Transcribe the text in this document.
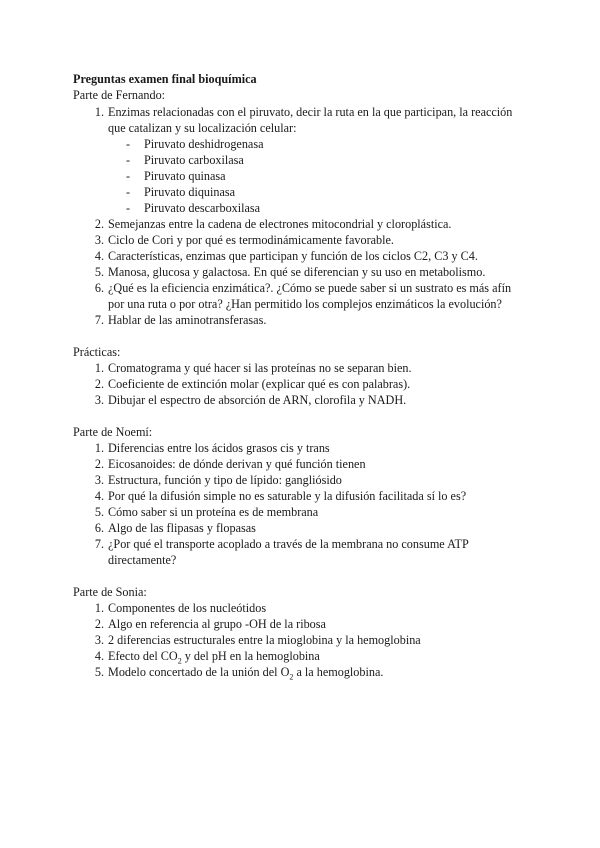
Preguntas examen final bioquímica
Parte de Fernando:
1. Enzimas relacionadas con el piruvato, decir la ruta en la que participan, la reacción que catalizan y su localización celular:
- Piruvato deshidrogenasa
- Piruvato carboxilasa
- Piruvato quinasa
- Piruvato diquinasa
- Piruvato descarboxilasa
2. Semejanzas entre la cadena de electrones mitocondrial y cloroplástica.
3. Ciclo de Cori y por qué es termodinámicamente favorable.
4. Características, enzimas que participan y función de los ciclos C2, C3 y C4.
5. Manosa, glucosa y galactosa. En qué se diferencian y su uso en metabolismo.
6. ¿Qué es la eficiencia enzimática?. ¿Cómo se puede saber si un sustrato es más afín por una ruta o por otra? ¿Han permitido los complejos enzimáticos la evolución?
7. Hablar de las aminotransferasas.
Prácticas:
1. Cromatograma y qué hacer si las proteínas no se separan bien.
2. Coeficiente de extinción molar (explicar qué es con palabras).
3. Dibujar el espectro de absorción de ARN, clorofila y NADH.
Parte de Noemí:
1. Diferencias entre los ácidos grasos cis y trans
2. Eicosanoides: de dónde derivan y qué función tienen
3. Estructura, función y tipo de lípido: gangliósido
4. Por qué la difusión simple no es saturable y la difusión facilitada sí lo es?
5. Cómo saber si un proteína es de membrana
6. Algo de las flipasas y flopasas
7. ¿Por qué el transporte acoplado a través de la membrana no consume ATP directamente?
Parte de Sonia:
1. Componentes de los nucleótidos
2. Algo en referencia al grupo -OH de la ribosa
3. 2 diferencias estructurales entre la mioglobina y la hemoglobina
4. Efecto del $CO_2$ y del pH en la hemoglobina
5. Modelo concertado de la unión del $O_2$ a la hemoglobina.
